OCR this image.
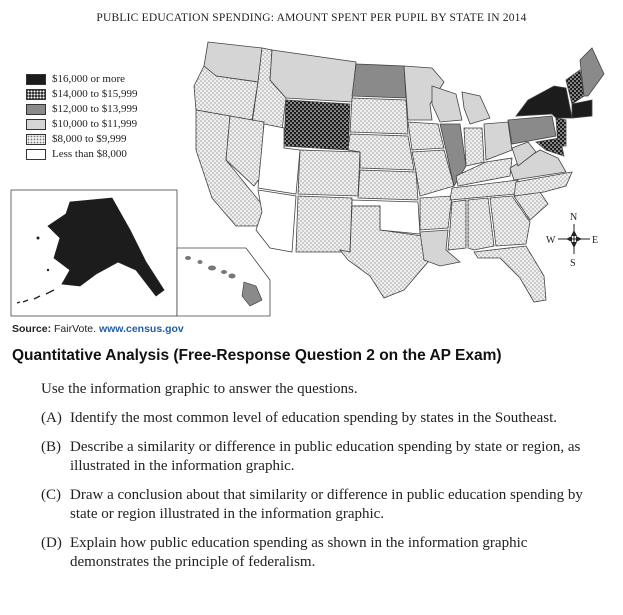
PUBLIC EDUCATION SPENDING: AMOUNT SPENT PER PUPIL BY STATE IN 2014
N
S
W	E
$16,000 or more
$14,000 to $15,999
$12,000 to $13,999
$10,000 to $11,999
$8,000 to $9,999
Less than $8,000
Source: FairVote. www.census.gov
Quantitative Analysis (Free-Response Question 2 on the AP Exam)
Use the information graphic to answer the questions.
(A) Identify the most common level of education spending by states in the Southeast.
(B) Describe a similarity or difference in public education spending by state or region, as illustrated in the information graphic.
(C) Draw a conclusion about that similarity or difference in public education spending by state or region illustrated in the information graphic.
(D) Explain how public education spending as shown in the information graphic demonstrates the principle of federalism.
